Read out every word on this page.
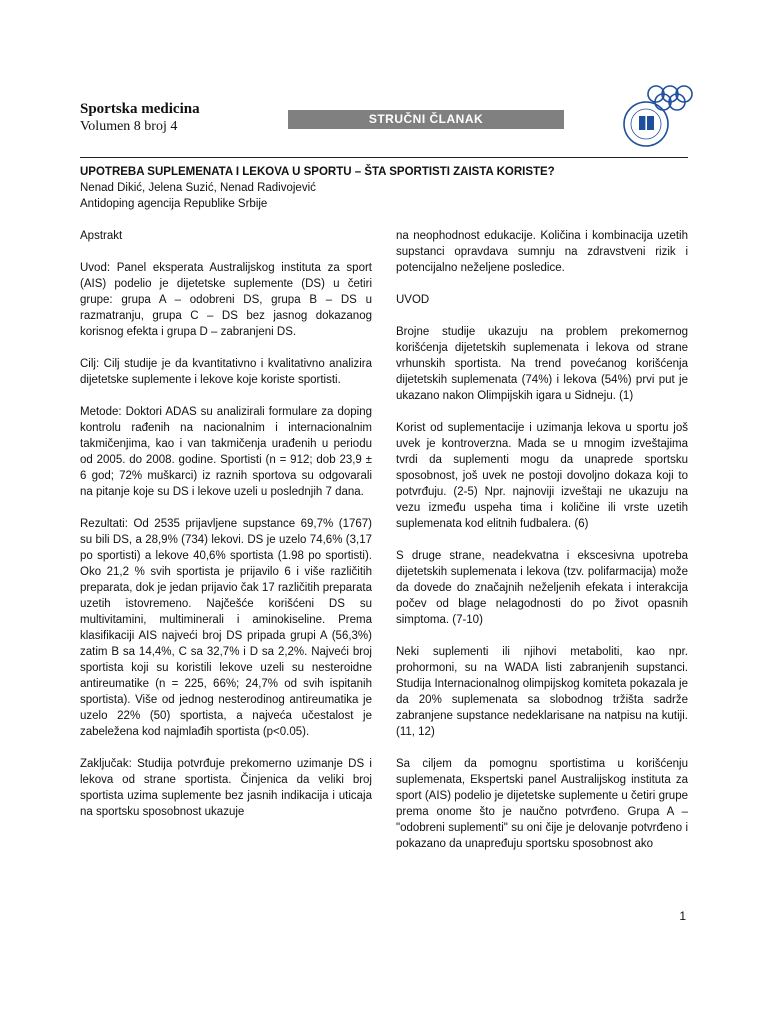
Sportska medicina
Volumen 8 broj 4	STRUČNI ČLANAK

UPOTREBA SUPLEMENATA I LEKOVA U SPORTU – ŠTA SPORTISTI ZAISTA KORISTE?

Nenad Dikić, Jelena Suzić, Nenad Radivojević

Antidoping agencija Republike Srbije

Apstrakt

Uvod: Panel eksperata Australijskog instituta za sport (AIS) podelio je dijetetske suplemente (DS) u četiri grupe: grupa A – odobreni DS, grupa B – DS u razmatranju, grupa C – DS bez jasnog dokazanog korisnog efekta i grupa D – zabranjeni DS.

Cilj: Cilj studije je da kvantitativno i kvalitativno analizira dijetetske suplemente i lekove koje koriste sportisti.

Metode: Doktori ADAS su analizirali formulare za doping kontrolu rađenih na nacionalnim i internacionalnim takmičenjima, kao i van takmičenja urađenih u periodu od 2005. do 2008. godine. Sportisti (n = 912; dob 23,9 ± 6 god; 72% muškarci) iz raznih sportova su odgovarali na pitanje koje su DS i lekove uzeli u poslednjih 7 dana.

Rezultati: Od 2535 prijavljene supstance 69,7% (1767) su bili DS, a 28,9% (734) lekovi. DS je uzelo 74,6% (3,17 po sportisti) a lekove 40,6% sportista (1.98 po sportisti). Oko 21,2 % svih sportista je prijavilo 6 i više različitih preparata, dok je jedan prijavio čak 17 različitih preparata uzetih istovremeno. Najčešće korišćeni DS su multivitamini, multiminerali i aminokiseline. Prema klasifikaciji AIS najveći broj DS pripada grupi A (56,3%) zatim B sa 14,4%, C sa 32,7% i D sa 2,2%. Najveći broj sportista koji su koristili lekove uzeli su nesteroidne antireumatike (n = 225, 66%; 24,7% od svih ispitanih sportista). Više od jednog nesterodinog antireumatika je uzelo 22% (50) sportista, a najveća učestalost je zabeležena kod najmlađih sportista (p<0.05).

Zaključak: Studija potvrđuje prekomerno uzimanje DS i lekova od strane sportista. Činjenica da veliki broj sportista uzima suplemente bez jasnih indikacija i uticaja na sportsku sposobnost ukazuje

na neophodnost edukacije. Količina i kombinacija uzetih supstanci opravdava sumnju na zdravstveni rizik i potencijalno neželjene posledice.

UVOD

Brojne studije ukazuju na problem prekomernog korišćenja dijetetskih suplemenata i lekova od strane vrhunskih sportista. Na trend povećanog korišćenja dijetetskih suplemenata (74%) i lekova (54%) prvi put je ukazano nakon Olimpijskih igara u Sidneju. (1)

Korist od suplementacije i uzimanja lekova u sportu još uvek je kontroverzna. Mada se u mnogim izveštajima tvrdi da suplementi mogu da unaprede sportsku sposobnost, još uvek ne postoji dovoljno dokaza koji to potvrđuju. (2-5) Npr. najnoviji izveštaji ne ukazuju na vezu između uspeha tima i količine ili vrste uzetih suplemenata kod elitnih fudbalera. (6)

S druge strane, neadekvatna i ekscesivna upotreba dijetetskih suplemenata i lekova (tzv. polifarmacija) može da dovede do značajnih neželjenih efekata i interakcija počev od blage nelagodnosti do po život opasnih simptoma. (7-10)

Neki suplementi ili njihovi metaboliti, kao npr. prohormoni, su na WADA listi zabranjenih supstanci. Studija Internacionalnog olimpijskog komiteta pokazala je da 20% suplemenata sa slobodnog tržišta sadrže zabranjene supstance nedeklarisane na natpisu na kutiji. (11, 12)

Sa ciljem da pomognu sportistima u korišćenju suplemenata, Ekspertski panel Australijskog instituta za sport (AIS) podelio je dijetetske suplemente u četiri grupe prema onome što je naučno potvrđeno. Grupa A – "odobreni suplementi" su oni čije je delovanje potvrđeno i pokazano da unapređuju sportsku sposobnost ako

1
